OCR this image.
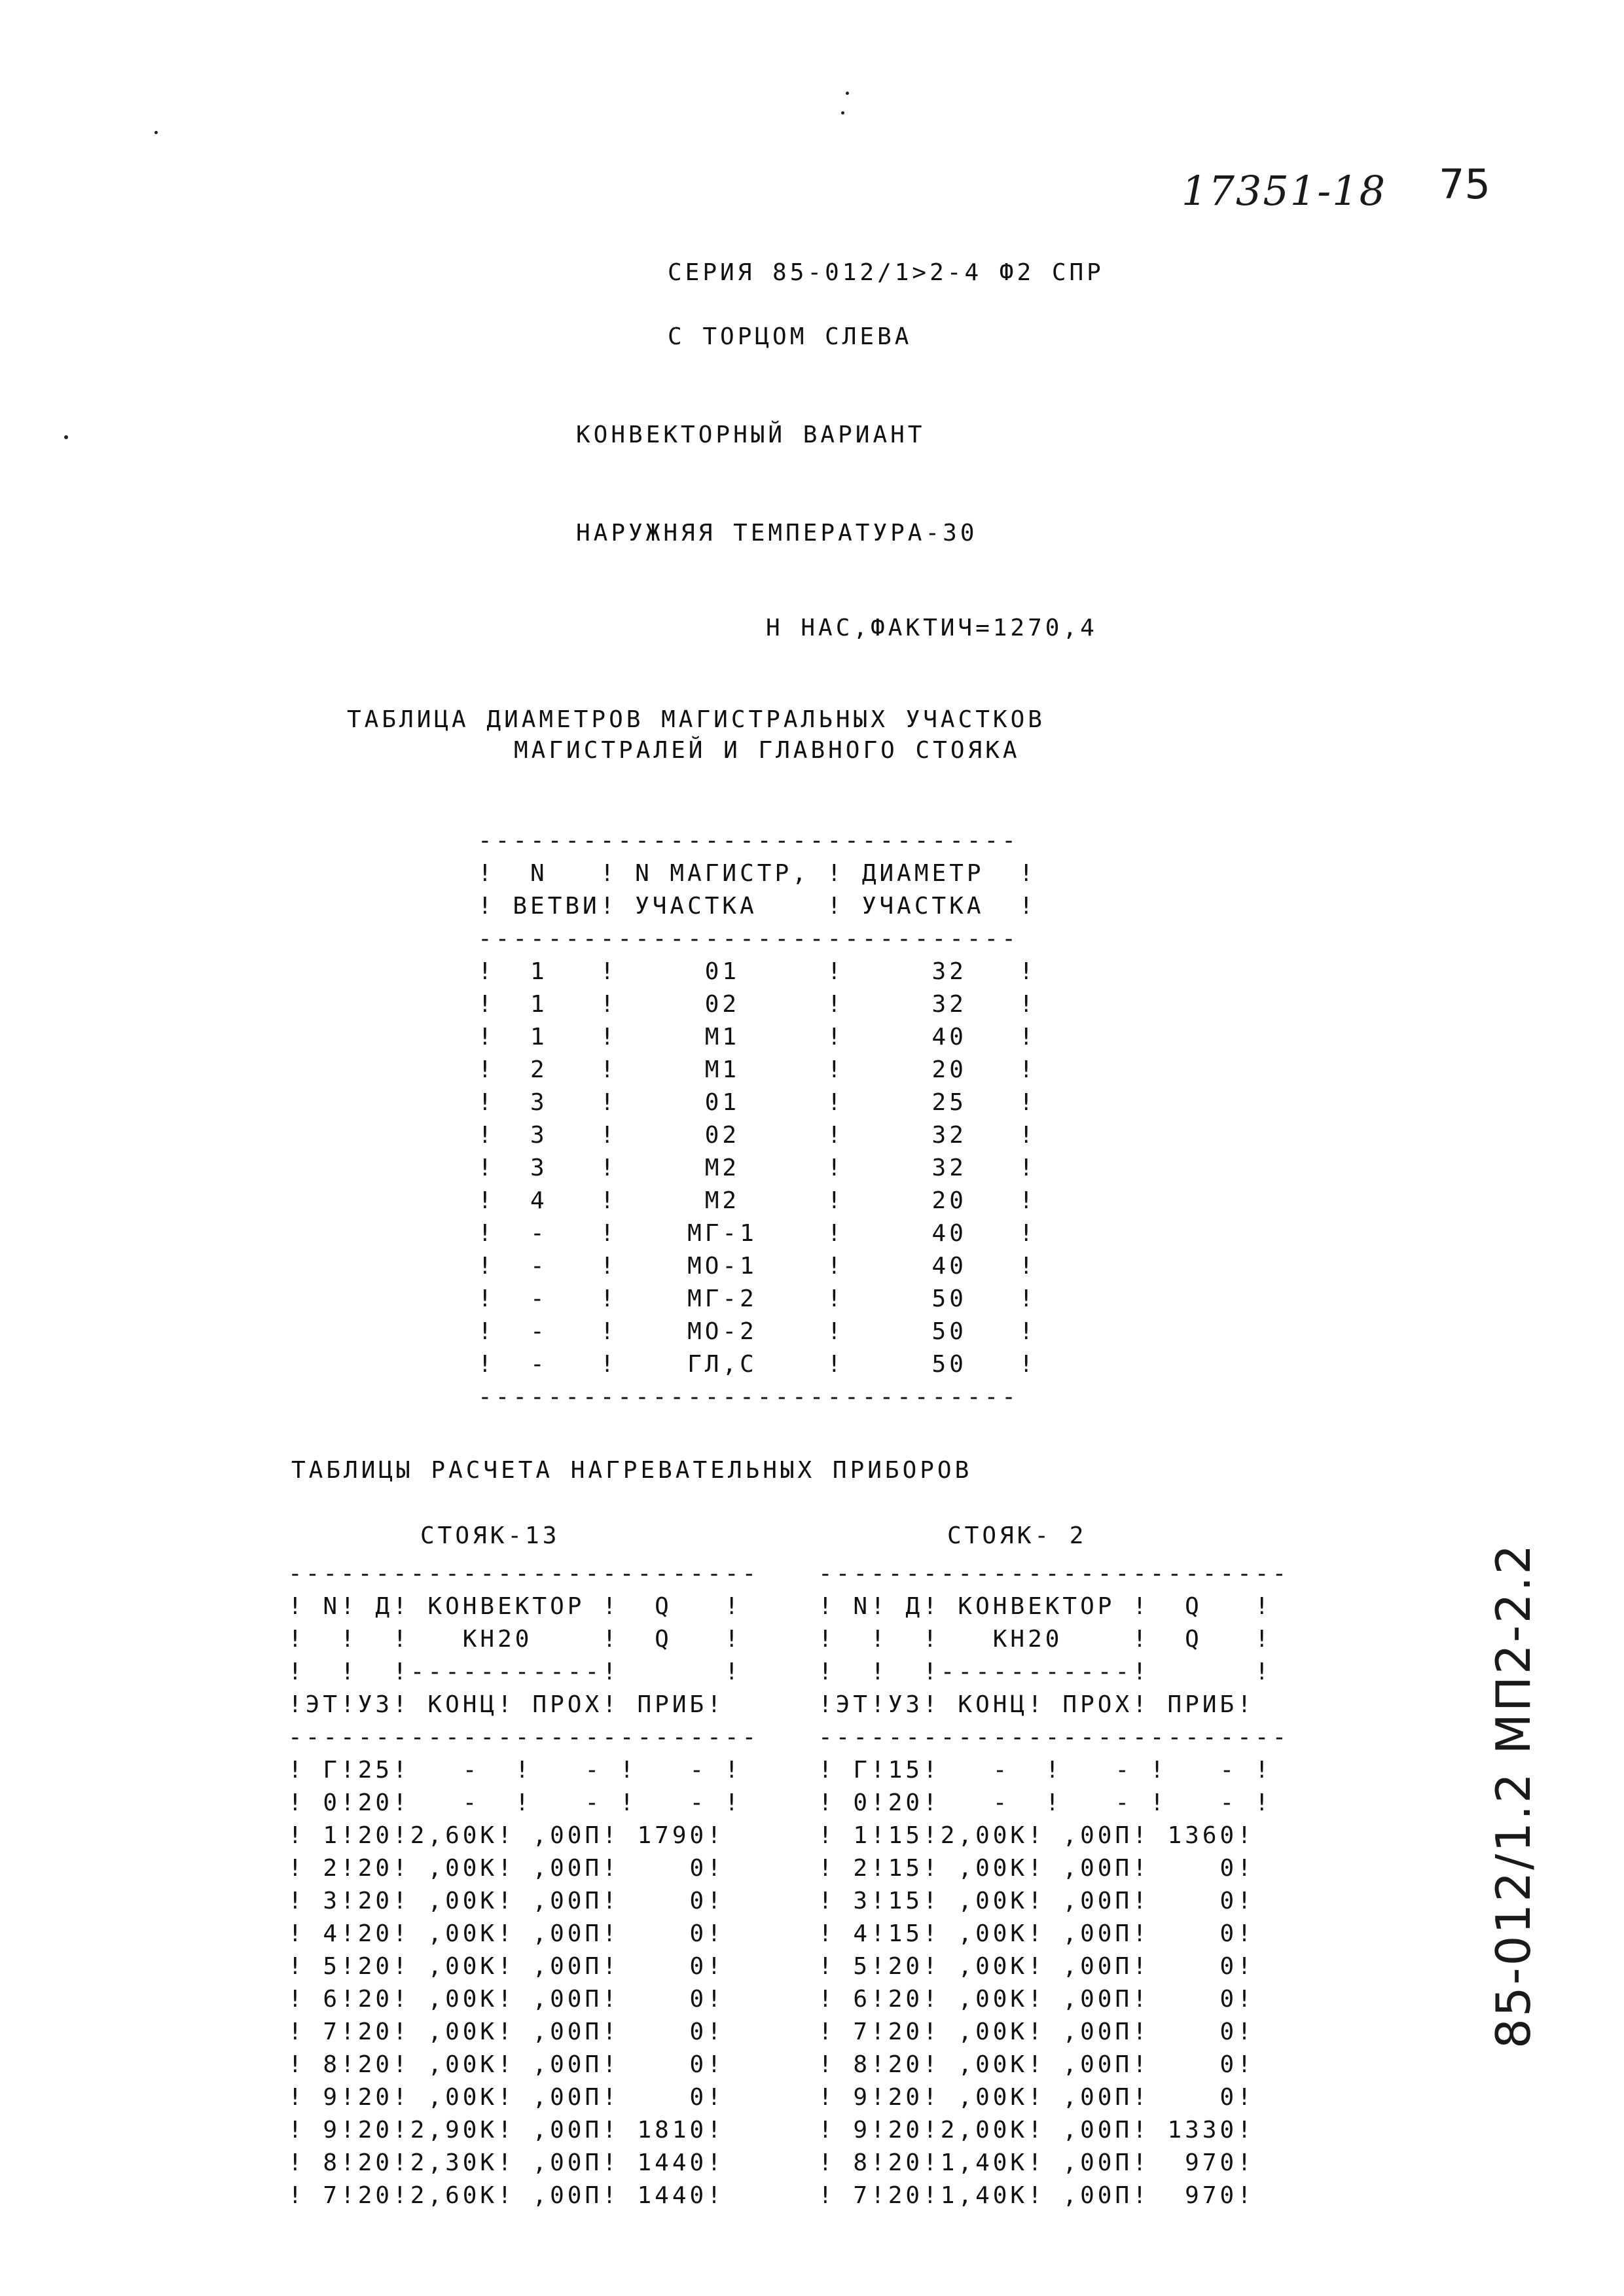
17351-18 75
85-012/1.2 МП2-2.2
СЕРИЯ 85-012/1>2-4 Ф2 СПР
С ТОРЦОМ СЛЕВА
КОНВЕКТОРНЫЙ ВАРИАНТ
НАРУЖНЯЯ ТЕМПЕРАТУРА-30
Н НАС,ФАКТИЧ=1270,4
ТАБЛИЦА ДИАМЕТРОВ МАГИСТРАЛЬНЫХ УЧАСТКОВ
МАГИСТРАЛЕЙ И ГЛАВНОГО СТОЯКА
-------------------------------
!  N   ! N МАГИСТР, ! ДИАМЕТР  !
! ВЕТВИ! УЧАСТКА    ! УЧАСТКА  !
-------------------------------
!  1   !     01     !     32   !
!  1   !     02     !     32   !
!  1   !     М1     !     40   !
!  2   !     М1     !     20   !
!  3   !     01     !     25   !
!  3   !     02     !     32   !
!  3   !     М2     !     32   !
!  4   !     М2     !     20   !
!  -   !    МГ-1    !     40   !
!  -   !    МО-1    !     40   !
!  -   !    МГ-2    !     50   !
!  -   !    МО-2    !     50   !
!  -   !    ГЛ,С    !     50   !
-------------------------------
ТАБЛИЦЫ РАСЧЕТА НАГРЕВАТЕЛЬНЫХ ПРИБОРОВ
СТОЯК-13	СТОЯК- 2
---------------------------
! N! Д! КОНВЕКТОР !  Q   !
!  !  !   КН20    !  Q   !
!  !  !-----------!      !
!ЭТ!УЗ! КОНЦ! ПРОХ! ПРИБ!
---------------------------
! Г!25!   -  !   - !   - !
! 0!20!   -  !   - !   - !
! 1!20!2,60К! ,00П! 1790!
! 2!20! ,00К! ,00П!    0!
! 3!20! ,00К! ,00П!    0!
! 4!20! ,00К! ,00П!    0!
! 5!20! ,00К! ,00П!    0!
! 6!20! ,00К! ,00П!    0!
! 7!20! ,00К! ,00П!    0!
! 8!20! ,00К! ,00П!    0!
! 9!20! ,00К! ,00П!    0!
! 9!20!2,90К! ,00П! 1810!
! 8!20!2,30К! ,00П! 1440!
! 7!20!2,60К! ,00П! 1440!
---------------------------
! N! Д! КОНВЕКТОР !  Q   !
!  !  !   КН20    !  Q   !
!  !  !-----------!      !
!ЭТ!УЗ! КОНЦ! ПРОХ! ПРИБ!
---------------------------
! Г!15!   -  !   - !   - !
! 0!20!   -  !   - !   - !
! 1!15!2,00К! ,00П! 1360!
! 2!15! ,00К! ,00П!    0!
! 3!15! ,00К! ,00П!    0!
! 4!15! ,00К! ,00П!    0!
! 5!20! ,00К! ,00П!    0!
! 6!20! ,00К! ,00П!    0!
! 7!20! ,00К! ,00П!    0!
! 8!20! ,00К! ,00П!    0!
! 9!20! ,00К! ,00П!    0!
! 9!20!2,00К! ,00П! 1330!
! 8!20!1,40К! ,00П!  970!
! 7!20!1,40К! ,00П!  970!
